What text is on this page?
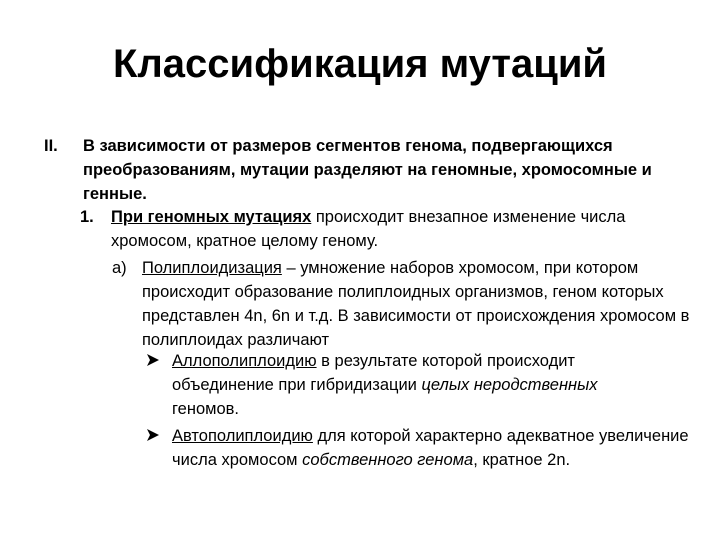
Классификация мутаций
II. В зависимости от размеров сегментов генома, подвергающихся преобразованиям, мутации разделяют на геномные, хромосомные и генные.
1. При геномных мутациях происходит внезапное изменение числа хромосом, кратное целому геному.
а) Полиплоидизация – умножение наборов хромосом, при котором происходит образование полиплоидных организмов, геном которых представлен 4n, 6n и т.д. В зависимости от происхождения хромосом в полиплоидах различают
Аллополиплоидию в результате которой происходит объединение при гибридизации целых неродственных геномов.
Автополиплоидию для которой характерно адекватное увеличение числа хромосом собственного генома, кратное 2n.
